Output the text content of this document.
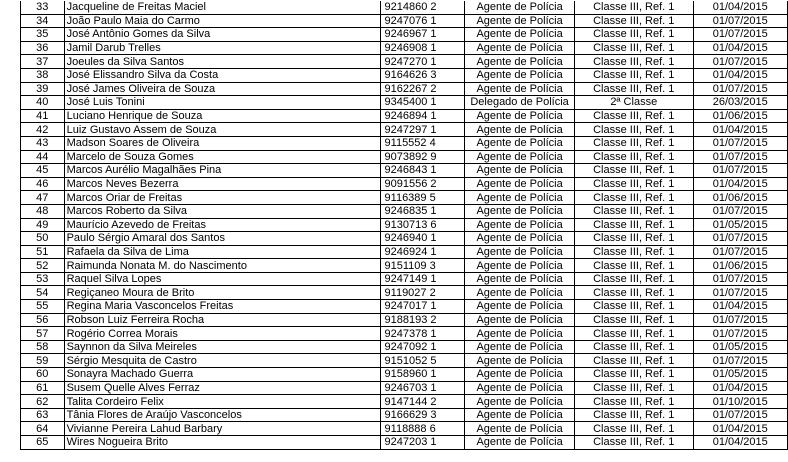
33	Jacqueline de Freitas Maciel	9214860 2	Agente de Polícia	Classe III, Ref. 1	01/04/2015
34	João Paulo Maia do Carmo	9247076 1	Agente de Polícia	Classe III, Ref. 1	01/07/2015
35	José Antônio Gomes da Silva	9246967 1	Agente de Polícia	Classe III, Ref. 1	01/07/2015
36	Jamil Darub Trelles	9246908 1	Agente de Polícia	Classe III, Ref. 1	01/04/2015
37	Joeules da Silva Santos	9247270 1	Agente de Polícia	Classe III, Ref. 1	01/07/2015
38	José Elissandro Silva da Costa	9164626 3	Agente de Polícia	Classe III, Ref. 1	01/04/2015
39	José James Oliveira de Souza	9162267 2	Agente de Polícia	Classe III, Ref. 1	01/07/2015
40	José Luis Tonini	9345400 1	Delegado de Polícia	2ª Classe	26/03/2015
41	Luciano Henrique de Souza	9246894 1	Agente de Polícia	Classe III, Ref. 1	01/06/2015
42	Luiz Gustavo Assem de Souza	9247297 1	Agente de Polícia	Classe III, Ref. 1	01/04/2015
43	Madson Soares de Oliveira	9115552 4	Agente de Polícia	Classe III, Ref. 1	01/07/2015
44	Marcelo de Souza Gomes	9073892 9	Agente de Polícia	Classe III, Ref. 1	01/07/2015
45	Marcos Aurélio Magalhães Pina	9246843 1	Agente de Polícia	Classe III, Ref. 1	01/07/2015
46	Marcos Neves Bezerra	9091556 2	Agente de Polícia	Classe III, Ref. 1	01/04/2015
47	Marcos Oriar de Freitas	9116389 5	Agente de Polícia	Classe III, Ref. 1	01/06/2015
48	Marcos Roberto da Silva	9246835 1	Agente de Polícia	Classe III, Ref. 1	01/07/2015
49	Maurício Azevedo de Freitas	9130713 6	Agente de Polícia	Classe III, Ref. 1	01/05/2015
50	Paulo Sérgio Amaral dos Santos	9246940 1	Agente de Polícia	Classe III, Ref. 1	01/07/2015
51	Rafaela da Silva de Lima	9246924 1	Agente de Polícia	Classe III, Ref. 1	01/07/2015
52	Raimunda Nonata M. do Nascimento	9151109 3	Agente de Polícia	Classe III, Ref. 1	01/06/2015
53	Raquel Silva Lopes	9247149 1	Agente de Polícia	Classe III, Ref. 1	01/07/2015
54	Regiçaneo Moura de Brito	9119027 2	Agente de Polícia	Classe III, Ref. 1	01/07/2015
55	Regina Maria Vasconcelos Freitas	9247017 1	Agente de Polícia	Classe III, Ref. 1	01/04/2015
56	Robson Luiz Ferreira Rocha	9188193 2	Agente de Polícia	Classe III, Ref. 1	01/07/2015
57	Rogério Correa Morais	9247378 1	Agente de Polícia	Classe III, Ref. 1	01/07/2015
58	Saynnon da Silva Meireles	9247092 1	Agente de Polícia	Classe III, Ref. 1	01/05/2015
59	Sérgio Mesquita de Castro	9151052 5	Agente de Polícia	Classe III, Ref. 1	01/07/2015
60	Sonayra Machado Guerra	9158960 1	Agente de Polícia	Classe III, Ref. 1	01/05/2015
61	Susem Quelle Alves Ferraz	9246703 1	Agente de Polícia	Classe III, Ref. 1	01/04/2015
62	Talita Cordeiro Felix	9147144 2	Agente de Polícia	Classe III, Ref. 1	01/10/2015
63	Tânia Flores de Araújo Vasconcelos	9166629 3	Agente de Polícia	Classe III, Ref. 1	01/07/2015
64	Vivianne Pereira Lahud Barbary	9118888 6	Agente de Polícia	Classe III, Ref. 1	01/04/2015
65	Wires Nogueira Brito	9247203 1	Agente de Polícia	Classe III, Ref. 1	01/04/2015
